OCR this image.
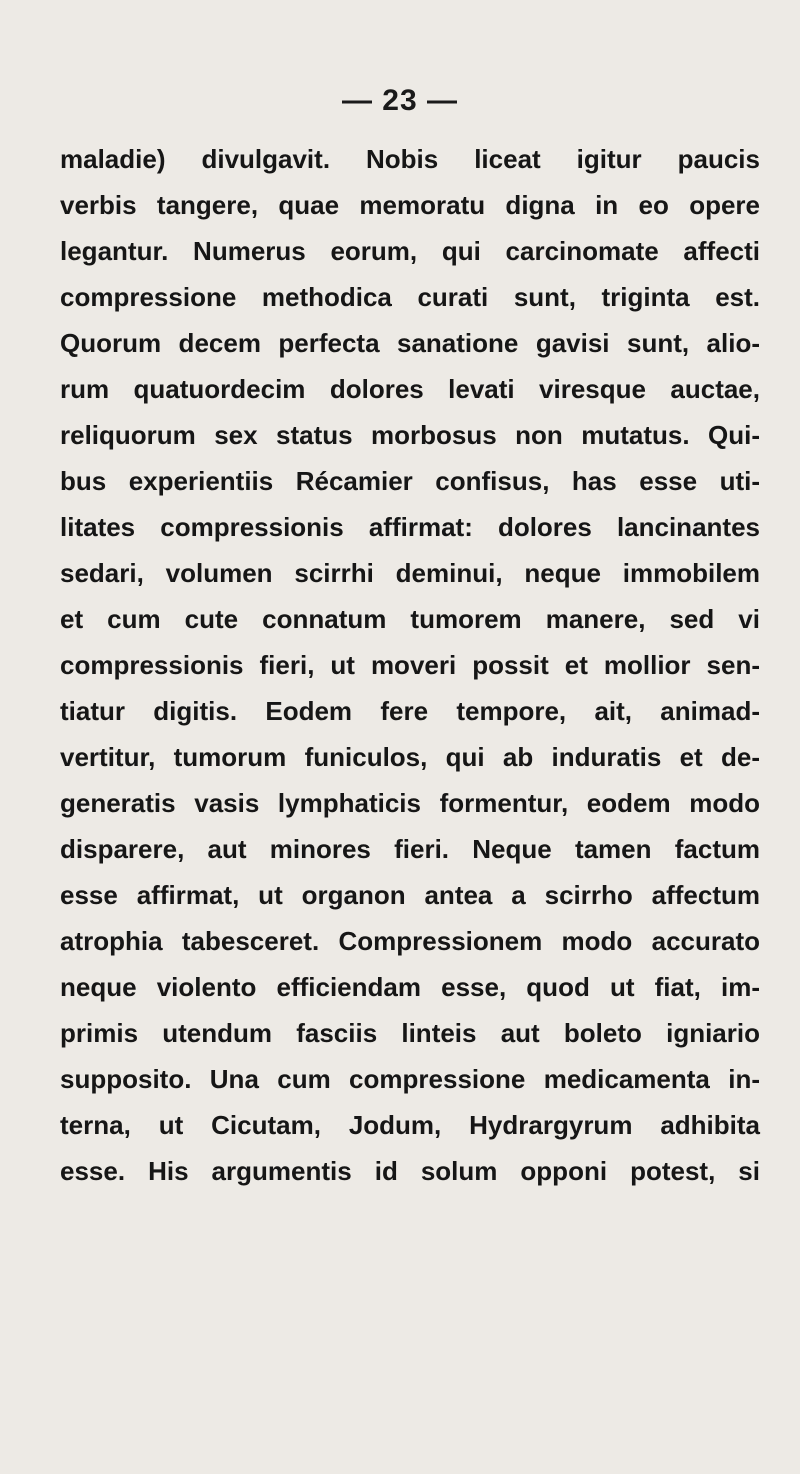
— 23 —
maladie) divulgavit. Nobis liceat igitur paucis
verbis tangere, quae memoratu digna in eo opere
legantur. Numerus eorum, qui carcinomate affecti
compressione methodica curati sunt, triginta est.
Quorum decem perfecta sanatione gavisi sunt, alio-
rum quatuordecim dolores levati viresque auctae,
reliquorum sex status morbosus non mutatus. Qui-
bus experientiis Récamier confisus, has esse uti-
litates compressionis affirmat: dolores lancinantes
sedari, volumen scirrhi deminui, neque immobilem
et cum cute connatum tumorem manere, sed vi
compressionis fieri, ut moveri possit et mollior sen-
tiatur digitis. Eodem fere tempore, ait, animad-
vertitur, tumorum funiculos, qui ab induratis et de-
generatis vasis lymphaticis formentur, eodem modo
disparere, aut minores fieri. Neque tamen factum
esse affirmat, ut organon antea a scirrho affectum
atrophia tabesceret. Compressionem modo accurato
neque violento efficiendam esse, quod ut fiat, im-
primis utendum fasciis linteis aut boleto igniario
supposito. Una cum compressione medicamenta in-
terna, ut Cicutam, Jodum, Hydrargyrum adhibita
esse. His argumentis id solum opponi potest, si
